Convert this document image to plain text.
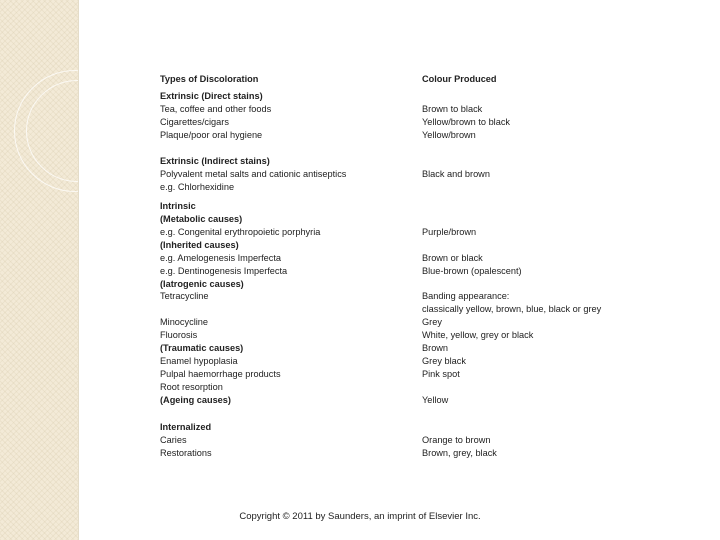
Types of Discoloration	Colour Produced
Extrinsic (Direct stains)
Tea, coffee and other foods	Brown to black
Cigarettes/cigars	Yellow/brown to black
Plaque/poor oral hygiene	Yellow/brown
Extrinsic (Indirect stains)
Polyvalent metal salts and cationic antiseptics	Black and brown
e.g. Chlorhexidine
Intrinsic
(Metabolic causes)
e.g. Congenital erythropoietic porphyria	Purple/brown
(Inherited causes)
e.g. Amelogenesis Imperfecta	Brown or black
e.g. Dentinogenesis Imperfecta	Blue-brown (opalescent)
(Iatrogenic causes)
Tetracycline	Banding appearance:
classically yellow, brown, blue, black or grey
Minocycline	Grey
Fluorosis	White, yellow, grey or black
(Traumatic causes)	Brown
Enamel hypoplasia	Grey black
Pulpal haemorrhage products	Pink spot
Root resorption
(Ageing causes)	Yellow
Internalized
Caries	Orange to brown
Restorations	Brown, grey, black
Copyright © 2011 by Saunders, an imprint of Elsevier Inc.
